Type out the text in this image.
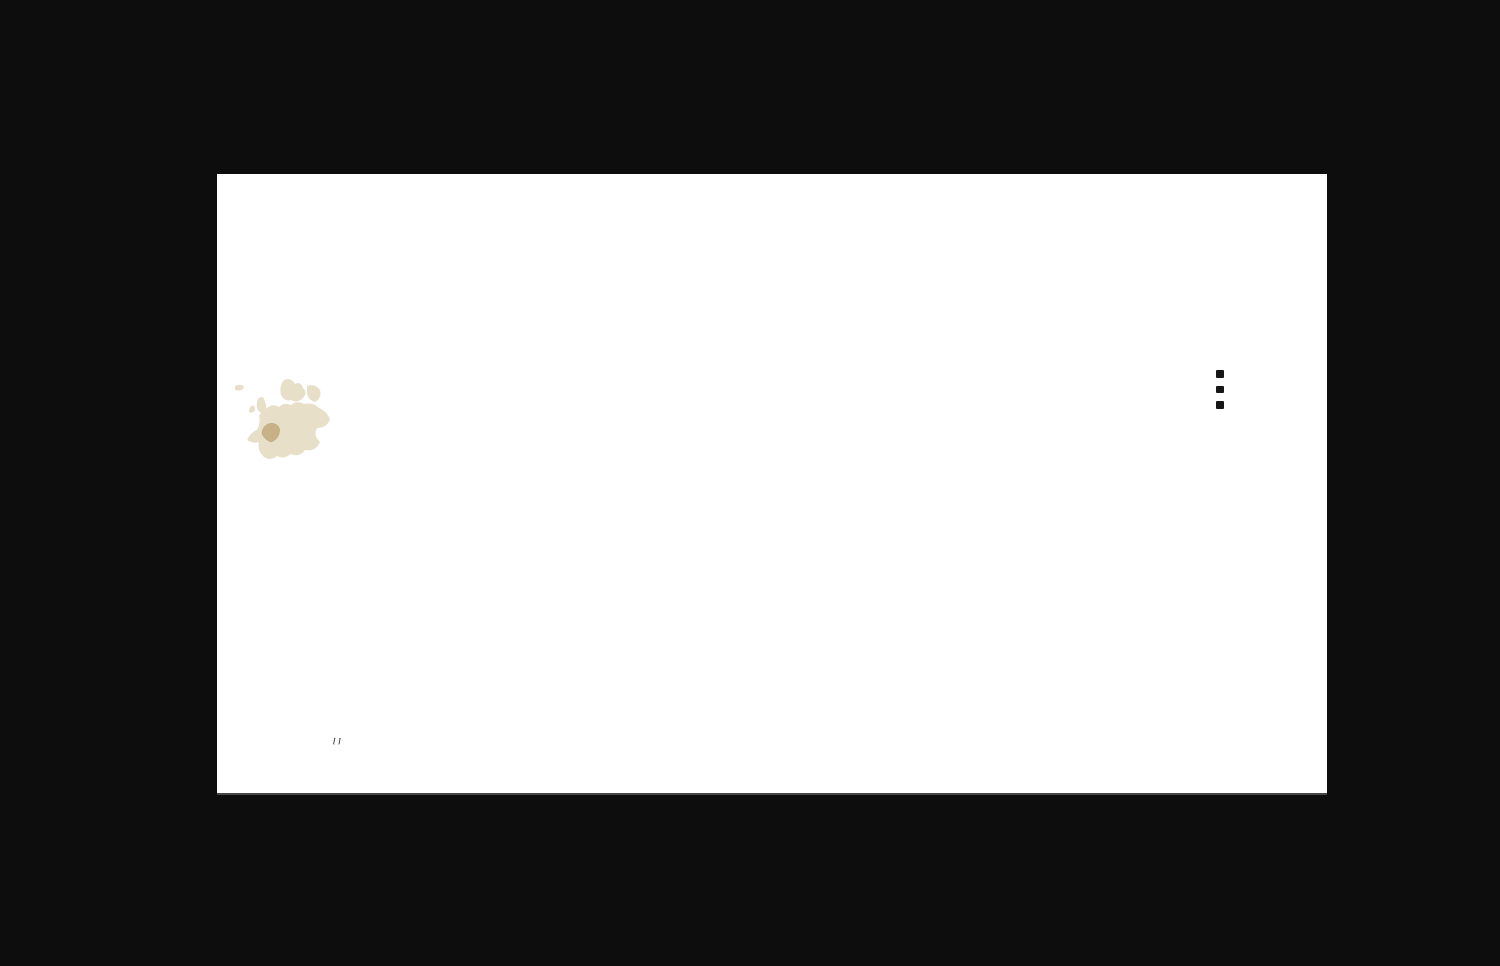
[ ]
